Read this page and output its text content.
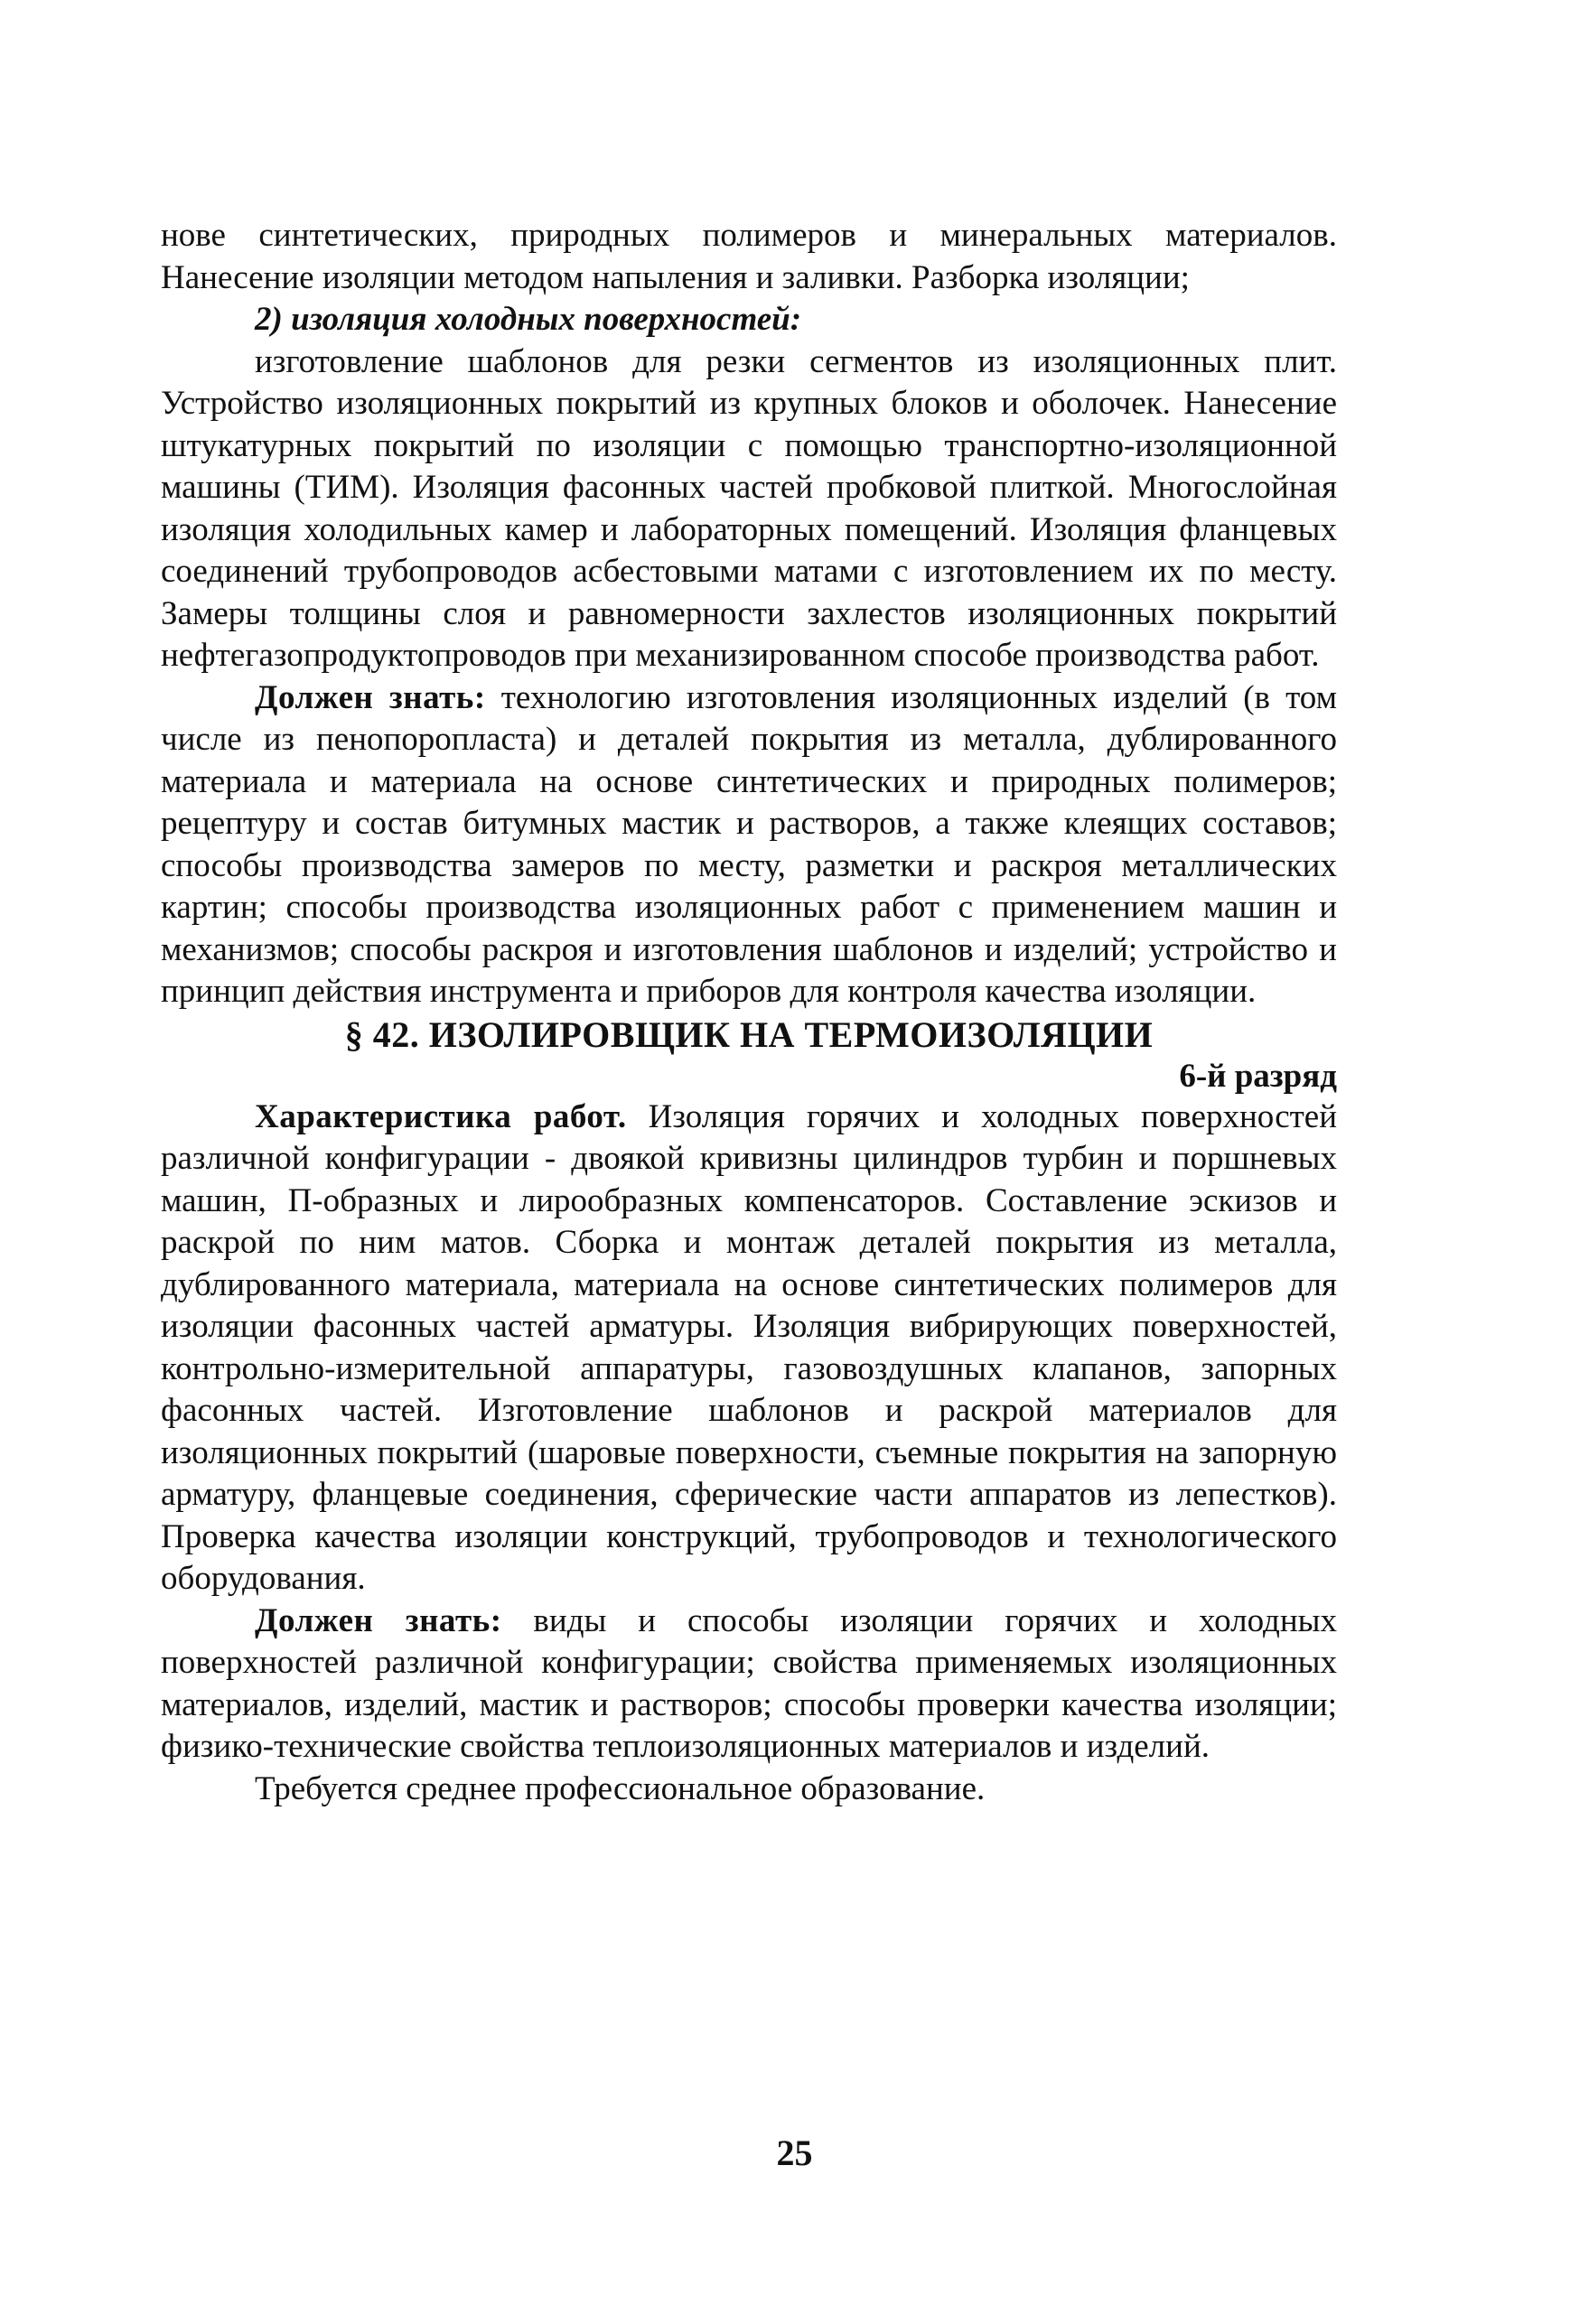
нове синтетических, природных полимеров и минеральных материалов. Нанесение изоляции методом напыления и заливки. Разборка изоляции;

2) изоляция холодных поверхностей:

изготовление шаблонов для резки сегментов из изоляционных плит. Устройство изоляционных покрытий из крупных блоков и оболочек. Нанесение штукатурных покрытий по изоляции с помощью транспортно-изоляционной машины (ТИМ). Изоляция фасонных частей пробковой плиткой. Многослойная изоляция холодильных камер и лабораторных помещений. Изоляция фланцевых соединений трубопроводов асбестовыми матами с изготовлением их по месту. Замеры толщины слоя и равномерности захлестов изоляционных покрытий нефтегазопродуктопроводов при механизированном способе производства работ.

Должен знать: технологию изготовления изоляционных изделий (в том числе из пенопоропласта) и деталей покрытия из металла, дублированного материала и материала на основе синтетических и природных полимеров; рецептуру и состав битумных мастик и растворов, а также клеящих составов; способы производства замеров по месту, разметки и раскроя металлических картин; способы производства изоляционных работ с применением машин и механизмов; способы раскроя и изготовления шаблонов и изделий; устройство и принцип действия инструмента и приборов для контроля качества изоляции.

§ 42. ИЗОЛИРОВЩИК НА ТЕРМОИЗОЛЯЦИИ

6-й разряд

Характеристика работ. Изоляция горячих и холодных поверхностей различной конфигурации - двоякой кривизны цилиндров турбин и поршневых машин, П-образных и лирообразных компенсаторов. Составление эскизов и раскрой по ним матов. Сборка и монтаж деталей покрытия из металла, дублированного материала, материала на основе синтетических полимеров для изоляции фасонных частей арматуры. Изоляция вибрирующих поверхностей, контрольно-измерительной аппаратуры, газовоздушных клапанов, запорных фасонных частей. Изготовление шаблонов и раскрой материалов для изоляционных покрытий (шаровые поверхности, съемные покрытия на запорную арматуру, фланцевые соединения, сферические части аппаратов из лепестков). Проверка качества изоляции конструкций, трубопроводов и технологического оборудования.

Должен знать: виды и способы изоляции горячих и холодных поверхностей различной конфигурации; свойства применяемых изоляционных материалов, изделий, мастик и растворов; способы проверки качества изоляции; физико-технические свойства теплоизоляционных материалов и изделий.

Требуется среднее профессиональное образование.

25
